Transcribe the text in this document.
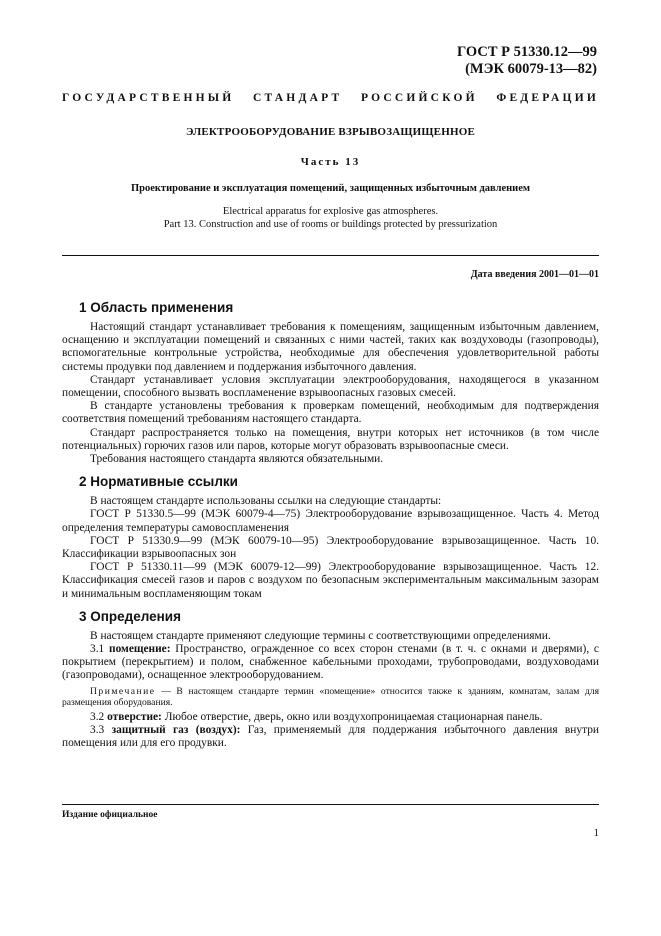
ГОСТ Р 51330.12—99
(МЭК 60079-13—82)
ГОСУДАРСТВЕННЫЙ СТАНДАРТ РОССИЙСКОЙ ФЕДЕРАЦИИ
ЭЛЕКТРООБОРУДОВАНИЕ ВЗРЫВОЗАЩИЩЕННОЕ
Часть 13
Проектирование и эксплуатация помещений, защищенных избыточным давлением
Electrical apparatus for explosive gas atmospheres.
Part 13. Construction and use of rooms or buildings protected by pressurization
Дата введения 2001—01—01
1 Область применения

Настоящий стандарт устанавливает требования к помещениям, защищенным избыточным давлением, оснащению и эксплуатации помещений и связанных с ними частей, таких как воздуховоды (газопроводы), вспомогательные контрольные устройства, необходимые для обеспечения удовлетворительной работы системы продувки под давлением и поддержания избыточного давления.

Стандарт устанавливает условия эксплуатации электрооборудования, находящегося в указанном помещении, способного вызвать воспламенение взрывоопасных газовых смесей.

В стандарте установлены требования к проверкам помещений, необходимым для подтверждения соответствия помещений требованиям настоящего стандарта.

Стандарт распространяется только на помещения, внутри которых нет источников (в том числе потенциальных) горючих газов или паров, которые могут образовать взрывоопасные смеси.

Требования настоящего стандарта являются обязательными.

2 Нормативные ссылки

В настоящем стандарте использованы ссылки на следующие стандарты:

ГОСТ Р 51330.5—99 (МЭК 60079-4—75) Электрооборудование взрывозащищенное. Часть 4. Метод определения температуры самовоспламенения

ГОСТ Р 51330.9—99 (МЭК 60079-10—95) Электрооборудование взрывозащищенное. Часть 10. Классификации взрывоопасных зон

ГОСТ Р 51330.11—99 (МЭК 60079-12—99) Электрооборудование взрывозащищенное. Часть 12. Классификация смесей газов и паров с воздухом по безопасным экспериментальным максимальным зазорам и минимальным воспламеняющим токам

3 Определения

В настоящем стандарте применяют следующие термины с соответствующими определениями.

3.1 помещение: Пространство, огражденное со всех сторон стенами (в т. ч. с окнами и дверями), с покрытием (перекрытием) и полом, снабженное кабельными проходами, трубопроводами, воздуховодами (газопроводами), оснащенное электрооборудованием.

Примечание — В настоящем стандарте термин «помещение» относится также к зданиям, комнатам, залам для размещения оборудования.

3.2 отверстие: Любое отверстие, дверь, окно или воздухопроницаемая стационарная панель.

3.3 защитный газ (воздух): Газ, применяемый для поддержания избыточного давления внутри помещения или для его продувки.

Издание официальное
1
